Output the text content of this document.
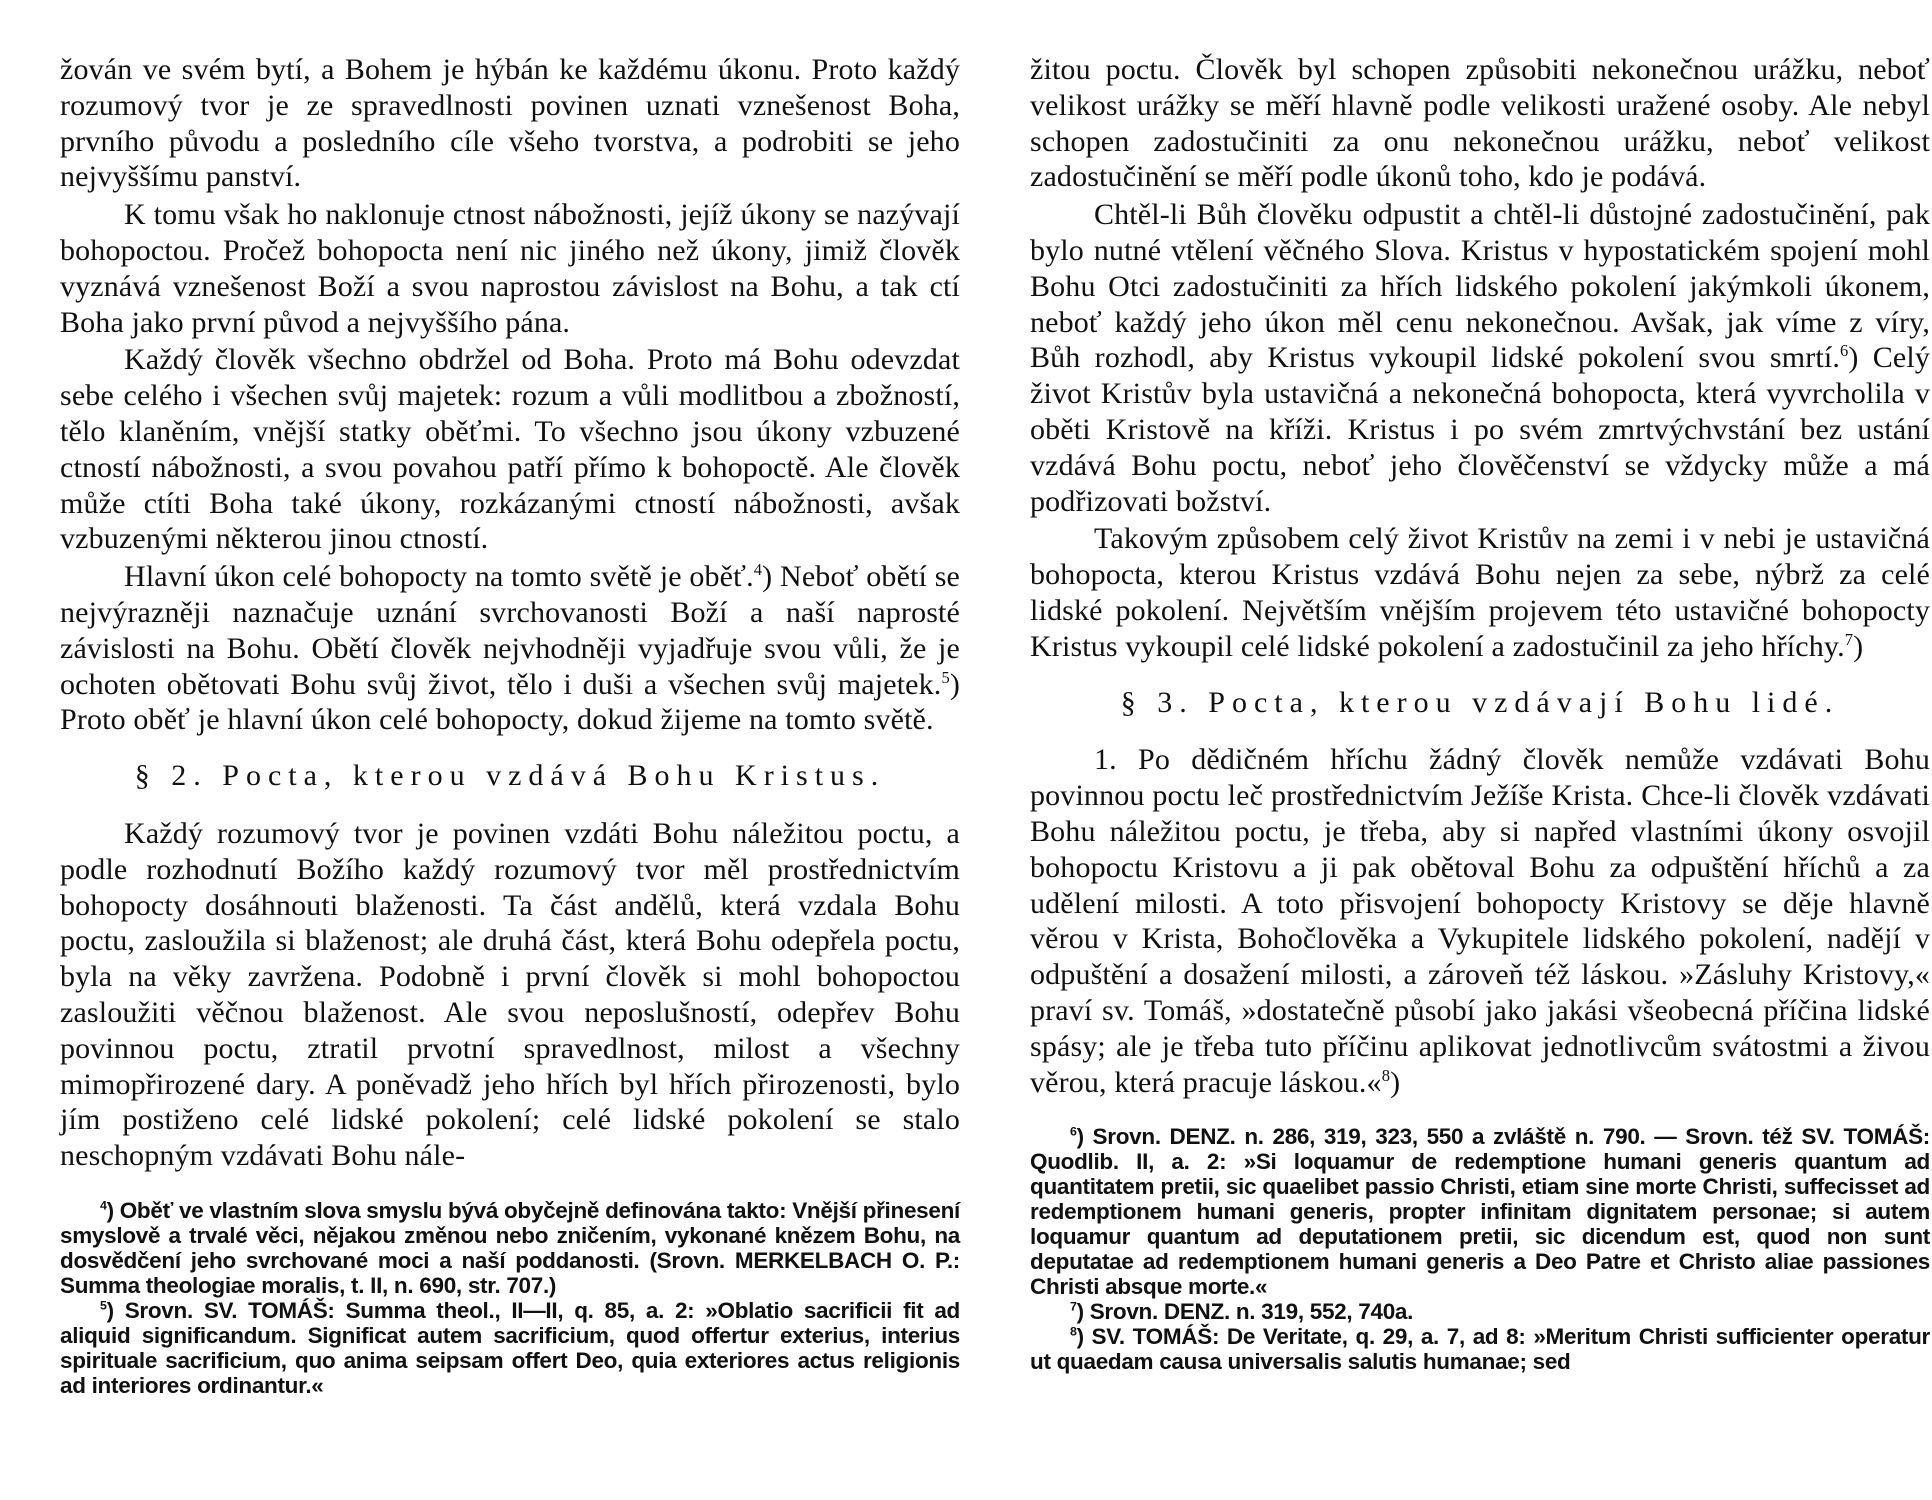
žován ve svém bytí, a Bohem je hýbán ke každému úkonu. Proto každý rozumový tvor je ze spravedlnosti povinen uznati vznešenost Boha, prvního původu a posledního cíle všeho tvorstva, a podrobiti se jeho nejvyššímu panství.

K tomu však ho naklonuje ctnost nábožnosti, jejíž úkony se nazývají bohopoctou. Pročež bohopocta není nic jiného než úkony, jimiž člověk vyznává vznešenost Boží a svou naprostou závislost na Bohu, a tak ctí Boha jako první původ a nejvyššího pána.

Každý člověk všechno obdržel od Boha. Proto má Bohu odevzdat sebe celého i všechen svůj majetek: rozum a vůli modlitbou a zbožností, tělo klaněním, vnější statky oběťmi. To všechno jsou úkony vzbuzené ctností nábožnosti, a svou povahou patří přímo k bohopoctě. Ale člověk může ctíti Boha také úkony, rozkázanými ctností nábožnosti, avšak vzbuzenými některou jinou ctností.

Hlavní úkon celé bohopocty na tomto světě je oběť.$^4$) Neboť obětí se nejvýrazněji naznačuje uznání svrchovanosti Boží a naší naprosté závislosti na Bohu. Obětí člověk nejvhodněji vyjadřuje svou vůli, že je ochoten obětovati Bohu svůj život, tělo i duši a všechen svůj majetek.$^5$) Proto oběť je hlavní úkon celé bohopocty, dokud žijeme na tomto světě.

§ 2. Pocta, kterou vzdává Bohu Kristus.

Každý rozumový tvor je povinen vzdáti Bohu náležitou poctu, a podle rozhodnutí Božího každý rozumový tvor měl prostřednictvím bohopocty dosáhnouti blaženosti. Ta část andělů, která vzdala Bohu poctu, zasloužila si blaženost; ale druhá část, která Bohu odepřela poctu, byla na věky zavržena. Podobně i první člověk si mohl bohopoctou zasloužiti věčnou blaženost. Ale svou neposlušností, odepřev Bohu povinnou poctu, ztratil prvotní spravedlnost, milost a všechny mimopřirozené dary. A poněvadž jeho hřích byl hřích přirozenosti, bylo jím postiženo celé lidské pokolení; celé lidské pokolení se stalo neschopným vzdávati Bohu nále-

$^4$) Oběť ve vlastním slova smyslu bývá obyčejně definována takto: Vnější přinesení smyslově a trvalé věci, nějakou změnou nebo zničením, vykonané knězem Bohu, na dosvědčení jeho svrchované moci a naší poddanosti. (Srovn. MERKELBACH O. P.: Summa theologiae moralis, t. II, n. 690, str. 707.)

$^5$) Srovn. SV. TOMÁŠ: Summa theol., II—II, q. 85, a. 2: »Oblatio sacrificii fit ad aliquid significandum. Significat autem sacrificium, quod offertur exterius, interius spirituale sacrificium, quo anima seipsam offert Deo, quia exteriores actus religionis ad interiores ordinantur.«

žitou poctu. Člověk byl schopen způsobiti nekonečnou urážku, neboť velikost urážky se měří hlavně podle velikosti uražené osoby. Ale nebyl schopen zadostučiniti za onu nekonečnou urážku, neboť velikost zadostučinění se měří podle úkonů toho, kdo je podává.

Chtěl-li Bůh člověku odpustit a chtěl-li důstojné zadostučinění, pak bylo nutné vtělení věčného Slova. Kristus v hypostatickém spojení mohl Bohu Otci zadostučiniti za hřích lidského pokolení jakýmkoli úkonem, neboť každý jeho úkon měl cenu nekonečnou. Avšak, jak víme z víry, Bůh rozhodl, aby Kristus vykoupil lidské pokolení svou smrtí.$^6$) Celý život Kristův byla ustavičná a nekonečná bohopocta, která vyvrcholila v oběti Kristově na kříži. Kristus i po svém zmrtvýchvstání bez ustání vzdává Bohu poctu, neboť jeho člověčenství se vždycky může a má podřizovati božství.

Takovým způsobem celý život Kristův na zemi i v nebi je ustavičná bohopocta, kterou Kristus vzdává Bohu nejen za sebe, nýbrž za celé lidské pokolení. Největším vnějším projevem této ustavičné bohopocty Kristus vykoupil celé lidské pokolení a zadostučinil za jeho hříchy.$^7$)

§ 3. Pocta, kterou vzdávají Bohu lidé.

1. Po dědičném hříchu žádný člověk nemůže vzdávati Bohu povinnou poctu leč prostřednictvím Ježíše Krista. Chce-li člověk vzdávati Bohu náležitou poctu, je třeba, aby si napřed vlastními úkony osvojil bohopoctu Kristovu a ji pak obětoval Bohu za odpuštění hříchů a za udělení milosti. A toto přisvojení bohopocty Kristovy se děje hlavně věrou v Krista, Bohočlověka a Vykupitele lidského pokolení, nadějí v odpuštění a dosažení milosti, a zároveň též láskou. »Zásluhy Kristovy,« praví sv. Tomáš, »dostatečně působí jako jakási všeobecná příčina lidské spásy; ale je třeba tuto příčinu aplikovat jednotlivcům svátostmi a živou věrou, která pracuje láskou.«$^8$)

$^6$) Srovn. DENZ. n. 286, 319, 323, 550 a zvláště n. 790. — Srovn. též SV. TOMÁŠ: Quodlib. II, a. 2: »Si loquamur de redemptione humani generis quantum ad quantitatem pretii, sic quaelibet passio Christi, etiam sine morte Christi, suffecisset ad redemptionem humani generis, propter infinitam dignitatem personae; si autem loquamur quantum ad deputationem pretii, sic dicendum est, quod non sunt deputatae ad redemptionem humani generis a Deo Patre et Christo aliae passiones Christi absque morte.«

$^7$) Srovn. DENZ. n. 319, 552, 740a.

$^8$) SV. TOMÁŠ: De Veritate, q. 29, a. 7, ad 8: »Meritum Christi sufficienter operatur ut quaedam causa universalis salutis humanae; sed
